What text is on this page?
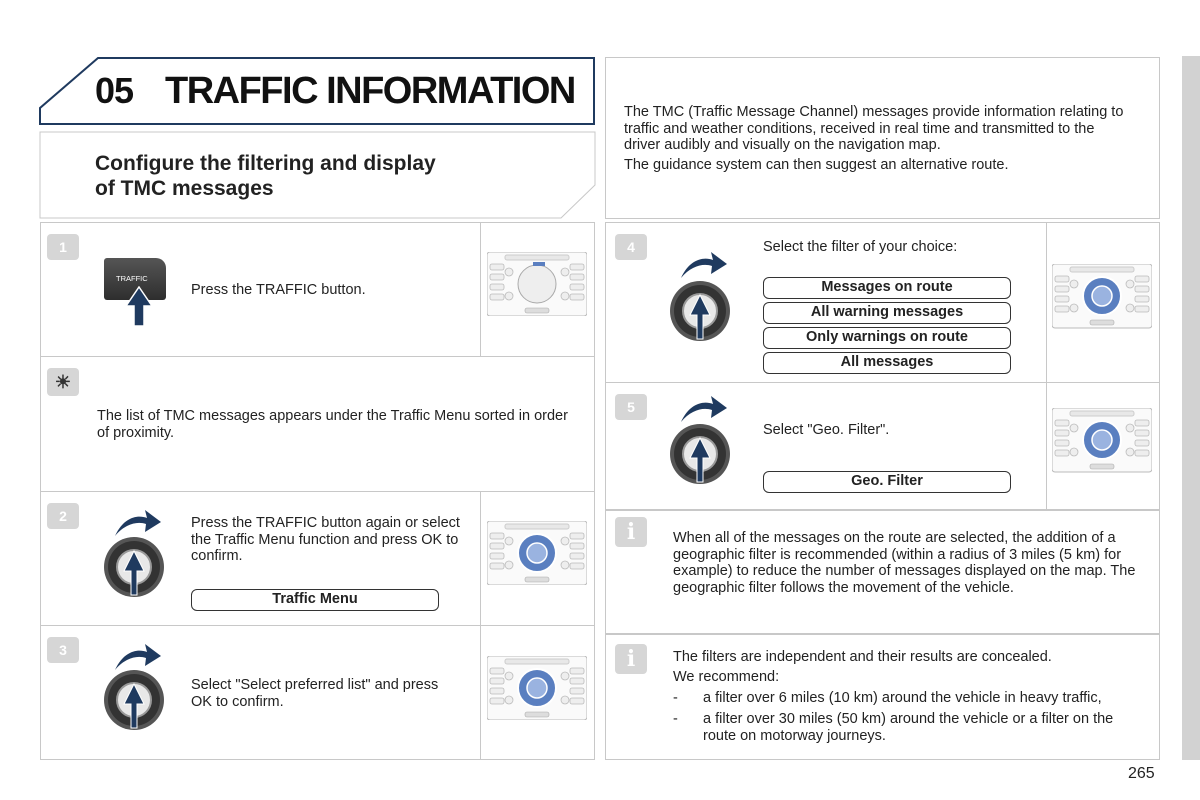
05 TRAFFIC INFORMATION
Configure the filtering and display
of TMC messages
The TMC (Traffic Message Channel) messages provide information relating to traffic and weather conditions, received in real time and transmitted to the driver audibly and visually on the navigation map.
The guidance system can then suggest an alternative route.
1
TRAFFIC
Press the TRAFFIC button.
☀
The list of TMC messages appears under the Traffic Menu sorted in order of proximity.
2	Press the TRAFFIC button again or select the Traffic Menu function and press OK to confirm.
Traffic Menu
3
Select "Select preferred list" and press OK to confirm.
4	Select the filter of your choice:
Messages on route
All warning messages
Only warnings on route
All messages
5
Select "Geo. Filter".
Geo. Filter
i	When all of the messages on the route are selected, the addition of a geographic filter is recommended (within a radius of 3 miles (5 km) for example) to reduce the number of messages displayed on the map. The geographic filter follows the movement of the vehicle.
i	The filters are independent and their results are concealed.
We recommend:
- a filter over 6 miles (10 km) around the vehicle in heavy traffic,
- a filter over 30 miles (50 km) around the vehicle or a filter on the route on motorway journeys.
265
